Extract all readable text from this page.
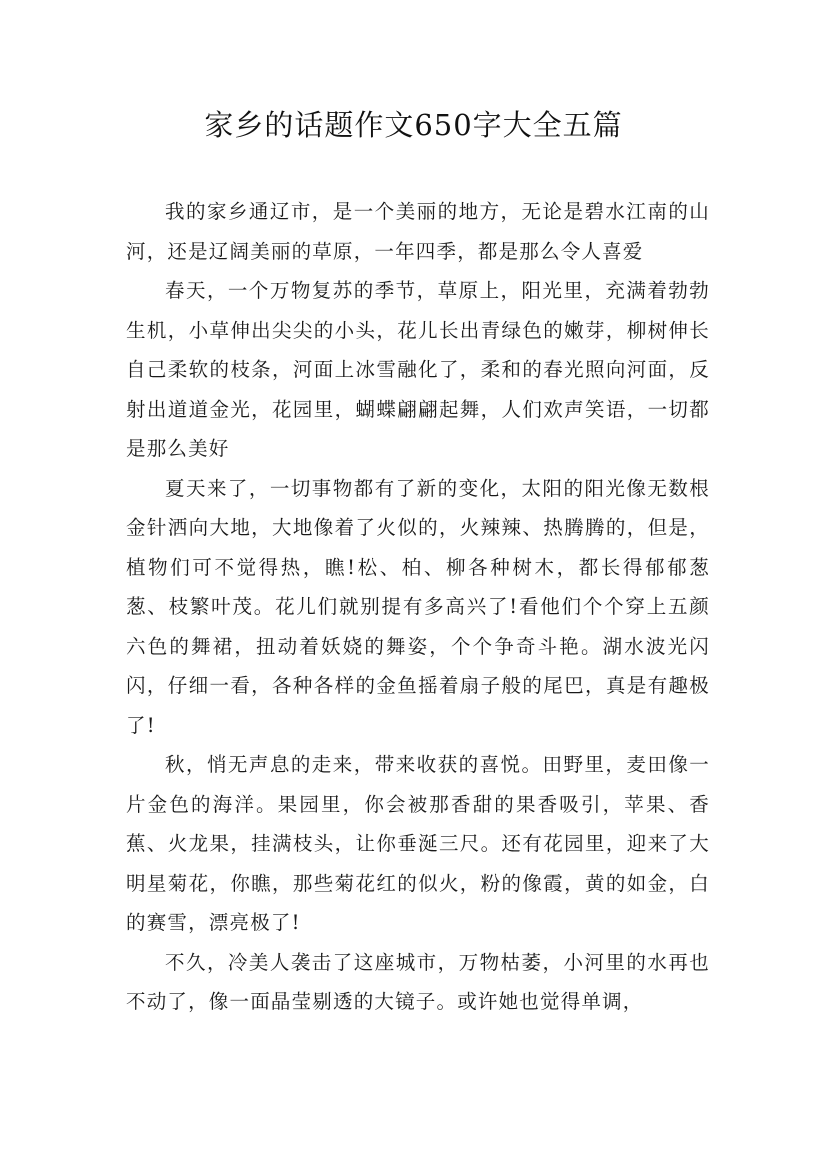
家乡的话题作文650字大全五篇

我的家乡通辽市，是一个美丽的地方，无论是碧水江南的山河，还是辽阔美丽的草原，一年四季，都是那么令人喜爱

春天，一个万物复苏的季节，草原上，阳光里，充满着勃勃生机，小草伸出尖尖的小头，花儿长出青绿色的嫩芽，柳树伸长自己柔软的枝条，河面上冰雪融化了，柔和的春光照向河面，反射出道道金光，花园里，蝴蝶翩翩起舞，人们欢声笑语，一切都是那么美好

夏天来了，一切事物都有了新的变化，太阳的阳光像无数根金针洒向大地，大地像着了火似的，火辣辣、热腾腾的，但是，植物们可不觉得热，瞧!松、柏、柳各种树木，都长得郁郁葱葱、枝繁叶茂。花儿们就别提有多高兴了!看他们个个穿上五颜六色的舞裙，扭动着妖娆的舞姿，个个争奇斗艳。湖水波光闪闪，仔细一看，各种各样的金鱼摇着扇子般的尾巴，真是有趣极了!

秋，悄无声息的走来，带来收获的喜悦。田野里，麦田像一片金色的海洋。果园里，你会被那香甜的果香吸引，苹果、香蕉、火龙果，挂满枝头，让你垂涎三尺。还有花园里，迎来了大明星菊花，你瞧，那些菊花红的似火，粉的像霞，黄的如金，白的赛雪，漂亮极了!

不久，冷美人袭击了这座城市，万物枯萎，小河里的水再也不动了，像一面晶莹剔透的大镜子。或许她也觉得单调，
